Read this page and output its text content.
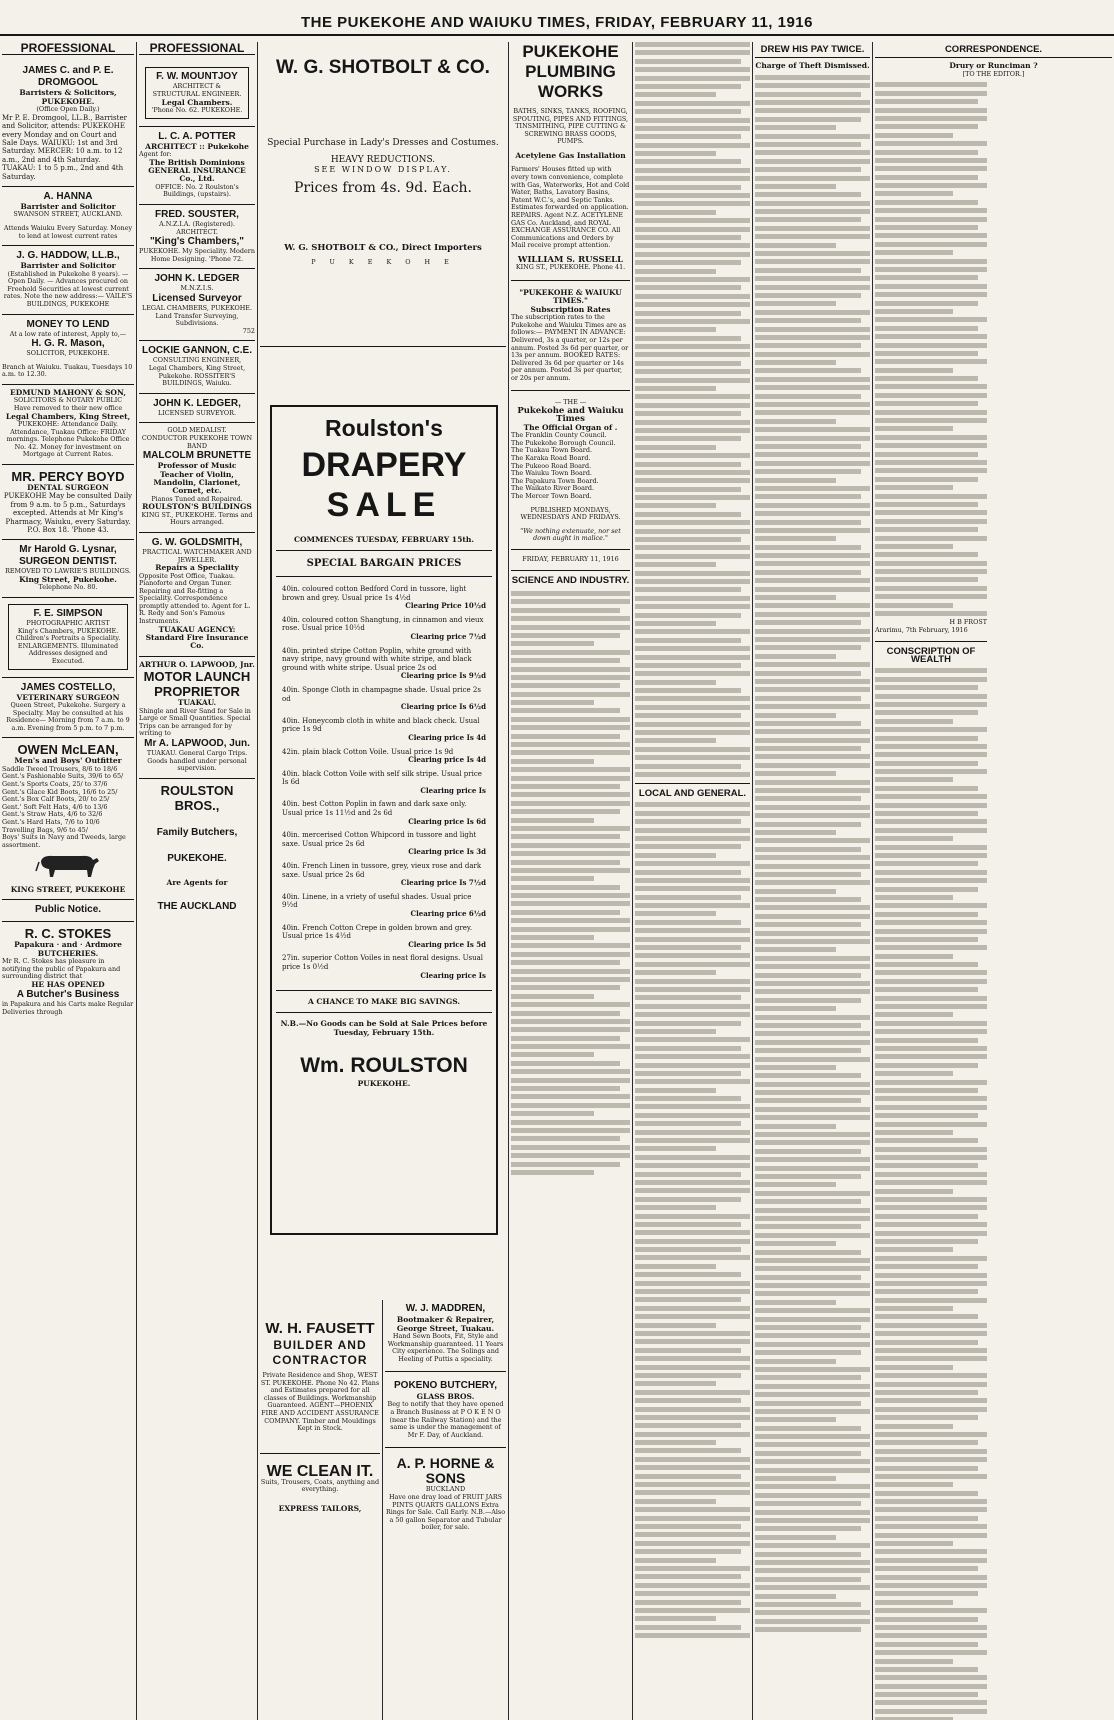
THE PUKEKOHE AND WAIUKU TIMES, FRIDAY, FEBRUARY 11, 1916
PROFESSIONAL
JAMES C. and P. E. DROMGOOL
Barristers & Solicitors, PUKEKOHE.
(Office Open Daily.)
Mr P. E. Dromgool, LL.B., Barrister and Solicitor, attends: PUKEKOHE every Monday and on Court and Sale Days. WAIUKU: 1st and 3rd Saturday. MERCER: 10 a.m. to 12 a.m., 2nd and 4th Saturday. TUAKAU: 1 to 5 p.m., 2nd and 4th Saturday.
A. HANNA
Barrister and Solicitor
SWANSON STREET, AUCKLAND.
Attends Waiuku Every Saturday. Money to lend at lowest current rates
J. G. HADDOW, LL.B.,
Barrister and Solicitor
(Established in Pukekohe 8 years). — Open Daily. — Advances procured on Freehold Securities at lowest current rates. Note the new address:— VAILE'S BUILDINGS, PUKEKOHE
MONEY TO LEND
At a low rate of interest, Apply to,—
H. G. R. Mason,
SOLICITOR, PUKEKOHE.
Branch at Waiuku. Tuakau, Tuesdays 10 a.m. to 12.30.
EDMUND MAHONY & SON,
SOLICITORS & NOTARY PUBLIC
Have removed to their new office
Legal Chambers, King Street,
PUKEKOHE: Attendance Daily. Attendance, Tuakau Office: FRIDAY mornings. Telephone Pukekohe Office No. 42. Money for investment on Mortgage at Current Rates.
MR. PERCY BOYD
DENTAL SURGEON
PUKEKOHE May be consulted Daily from 9 a.m. to 5 p.m., Saturdays excepted. Attends at Mr King's Pharmacy, Waiuku, every Saturday. P.O. Box 18. 'Phone 43.
Mr Harold G. Lysnar,
SURGEON DENTIST.
REMOVED TO LAWRIE'S BUILDINGS.
King Street, Pukekohe.
Telephone No. 80.
F. E. SIMPSON
PHOTOGRAPHIC ARTIST
King's Chambers, PUKEKOHE. Children's Portraits a Speciality. ENLARGEMENTS. Illuminated Addresses designed and Executed.
JAMES COSTELLO,
VETERINARY SURGEON
Queen Street, Pukekohe. Surgery a Specialty. May be consulted at his Residence— Morning from 7 a.m. to 9 a.m. Evening from 5 p.m. to 7 p.m.
OWEN McLEAN,
Men's and Boys' Outfitter
Saddle Tweed Trousers, 8/6 to 18/6
Gent.'s Fashionable Suits, 39/6 to 65/
Gent.'s Sports Coats, 25/ to 37/6
Gent.'s Glace Kid Boots, 16/6 to 25/
Gent.'s Box Calf Boots, 20/ to 25/
Gent.' Soft Felt Hats, 4/6 to 13/6
Gent.'s Straw Hats, 4/6 to 32/6
Gent.'s Hard Hats, 7/6 to 10/6
Travelling Bags, 9/6 to 45/
Boys' Suits in Navy and Tweeds, large assortment.
KING STREET, PUKEKOHE
Public Notice.
R. C. STOKES
Papakura · and · Ardmore BUTCHERIES.
Mr R. C. Stokes has pleasure in notifying the public of Papakura and surrounding district that
HE HAS OPENED
A Butcher's Business
in Papakura and his Carts make Regular Deliveries through
PROFESSIONAL
F. W. MOUNTJOY
ARCHITECT & STRUCTURAL ENGINEER.
Legal Chambers.
'Phone No. 62. PUKEKOHE.
L. C. A. POTTER
ARCHITECT :: Pukekohe
Agent for:
The British Dominions GENERAL INSURANCE Co., Ltd.
OFFICE: No. 2 Roulston's Buildings, (upstairs).
FRED. SOUSTER,
A.N.Z.I.A. (Registered). ARCHITECT.
"King's Chambers,"
PUKEKOHE. My Speciality. Modern Home Designing. 'Phone 72.
JOHN K. LEDGER
M.N.Z.I.S.
Licensed Surveyor
LEGAL CHAMBERS, PUKEKOHE. Land Transfer Surveying, Subdivisions.
752
LOCKIE GANNON, C.E.
CONSULTING ENGINEER,
Legal Chambers, King Street, Pukekohe. ROSSITER'S BUILDINGS, Waiuku.
JOHN K. LEDGER,
LICENSED SURVEYOR.
GOLD MEDALIST.
CONDUCTOR PUKEKOHE TOWN BAND
MALCOLM BRUNETTE
Professor of Music
Teacher of Violin, Mandolin, Clarionet, Cornet, etc.
Pianos Tuned and Repaired.
ROULSTON'S BUILDINGS
KING ST., PUKEKOHE. Terms and Hours arranged.
G. W. GOLDSMITH,
PRACTICAL WATCHMAKER AND JEWELLER.
Repairs a Speciality
Opposite Post Office, Tuakau. Pianoforte and Organ Tuner. Repairing and Re-fitting a Speciality. Correspondence promptly attended to. Agent for L. R. Redy and Son's Famous Instruments.
TUAKAU AGENCY: Standard Fire Insurance Co.
ARTHUR O. LAPWOOD, Jnr.
MOTOR LAUNCH PROPRIETOR
TUAKAU.
Shingle and River Sand for Sale in Large or Small Quantities. Special Trips can be arranged for by writing to
Mr A. LAPWOOD, Jun.
TUAKAU. General Cargo Trips. Goods handled under personal supervision.
ROULSTON BROS.,
Family Butchers,
PUKEKOHE.
Are Agents for
THE AUCKLAND
W. G. SHOTBOLT & CO.
Special Purchase in Lady's Dresses and Costumes.
HEAVY REDUCTIONS.
SEE WINDOW DISPLAY.
Prices from 4s. 9d. Each.
W. G. SHOTBOLT & CO., Direct Importers
P U K E K O H E
Roulston's
DRAPERY
SALE
COMMENCES TUESDAY, FEBRUARY 15th.
SPECIAL BARGAIN PRICES
40in. coloured cotton Bedford Cord in tussore, light brown and grey. Usual price 1s 4½d
Clearing Price 10½d
40in. coloured cotton Shangtung, in cinnamon and vieux rose. Usual price 10½d
Clearing price 7½d
40in. printed stripe Cotton Poplin, white ground with navy stripe, navy ground with white stripe, and black ground with white stripe. Usual price 2s od
Clearing price Is 9½d
40in. Sponge Cloth in champagne shade. Usual price 2s od
Clearing price Is 6½d
40in. Honeycomb cloth in white and black check. Usual price 1s 9d
Clearing price Is 4d
42in. plain black Cotton Voile. Usual price 1s 9d
Clearing price Is 4d
40in. black Cotton Voile with self silk stripe. Usual price Is 6d
Clearing price Is
40in. best Cotton Poplin in fawn and dark saxe only. Usual price 1s 11½d and 2s 6d
Clearing price Is 6d
40in. mercerised Cotton Whipcord in tussore and light saxe. Usual price 2s 6d
Clearing price Is 3d
40in. French Linen in tussore, grey, vieux rose and dark saxe. Usual price 2s 6d
Clearing price Is 7½d
40in. Linene, in a vriety of useful shades. Usual price 9½d
Clearing price 6½d
40in. French Cotton Crepe in golden brown and grey. Usual price 1s 4½d
Clearing price Is 5d
27in. superior Cotton Voiles in neat floral designs. Usual price 1s 0½d
Clearing price Is
A CHANCE TO MAKE BIG SAVINGS.
N.B.—No Goods can be Sold at Sale Prices before Tuesday, February 15th.
Wm. ROULSTON
PUKEKOHE.
W. H. FAUSETT
BUILDER AND CONTRACTOR
Private Residence and Shop, WEST ST. PUKEKOHE. Phone No 42. Plans and Estimates prepared for all classes of Buildings. Workmanship Guaranteed. AGENT—PHOENIX FIRE AND ACCIDENT ASSURANCE COMPANY. Timber and Mouldings Kept in Stock.
WE CLEAN IT.
Suits, Trousers, Coats, anything and everything.
EXPRESS TAILORS,
W. J. MADDREN,
Bootmaker & Repairer,
George Street, Tuakau.
Hand Sewn Boots, Fit, Style and Workmanship guaranteed. 11 Years City experience. The Solings and Heeling of Puttis a speciality.
POKENO BUTCHERY,
GLASS BROS.
Beg to notify that they have opened a Branch Business at P O K E N O (near the Railway Station) and the same is under the management of Mr F. Day, of Auckland.
A. P. HORNE & SONS
BUCKLAND
Have one dray load of FRUIT JARS PINTS QUARTS GALLONS Extra Rings for Sale. Call Early. N.B.—Also a 50 gallon Separator and Tubular boiler, for sale.
PUKEKOHE
PLUMBING
WORKS
BATHS, SINKS, TANKS, ROOFING, SPOUTING, PIPES AND FITTINGS, TINSMITHING, PIPE CUTTING & SCREWING BRASS GOODS, PUMPS.
Acetylene Gas Installation
Farmers' Houses fitted up with every town convenience, complete with Gas, Waterworks, Hot and Cold Water, Baths, Lavatory Basins, Patent W.C.'s, and Septic Tanks. Estimates forwarded on application. REPAIRS. Agent N.Z. ACETYLENE GAS Co. Auckland, and ROYAL EXCHANGE ASSURANCE CO. All Communications and Orders by Mail receive prompt attention.
WILLIAM S. RUSSELL
KING ST., PUKEKOHE. Phone 41.
"PUKEKOHE & WAIUKU TIMES."
Subscription Rates
The subscription rates to the Pukekohe and Waiuku Times are as follows:— PAYMENT IN ADVANCE: Delivered, 3s a quarter, or 12s per annum. Posted 3s 6d per quarter, or 13s per annum. BOOKED RATES: Delivered 3s 6d per quarter or 14s per annum. Posted 3s per quarter, or 20s per annum.
— THE —
Pukekohe and Waiuku Times
The Official Organ of .
The Franklin County Council.
The Pukekohe Borough Council.
The Tuakau Town Board.
The Karaka Road Board.
The Pukeoo Road Board.
The Waiuku Town Board.
The Papakura Town Board.
The Waikato River Board.
The Mercer Town Board.
PUBLISHED MONDAYS, WEDNESDAYS AND FRIDAYS.
"We nothing extenuate, nor set down aught in malice."
FRIDAY, FEBRUARY 11, 1916
SCIENCE AND INDUSTRY.
LOCAL AND GENERAL.
DREW HIS PAY TWICE.
Charge of Theft Dismissed.
CORRESPONDENCE.
Drury or Runciman ?
[TO THE EDITOR.]
H B FROST
Ararimu, 7th February, 1916
CONSCRIPTION OF WEALTH
